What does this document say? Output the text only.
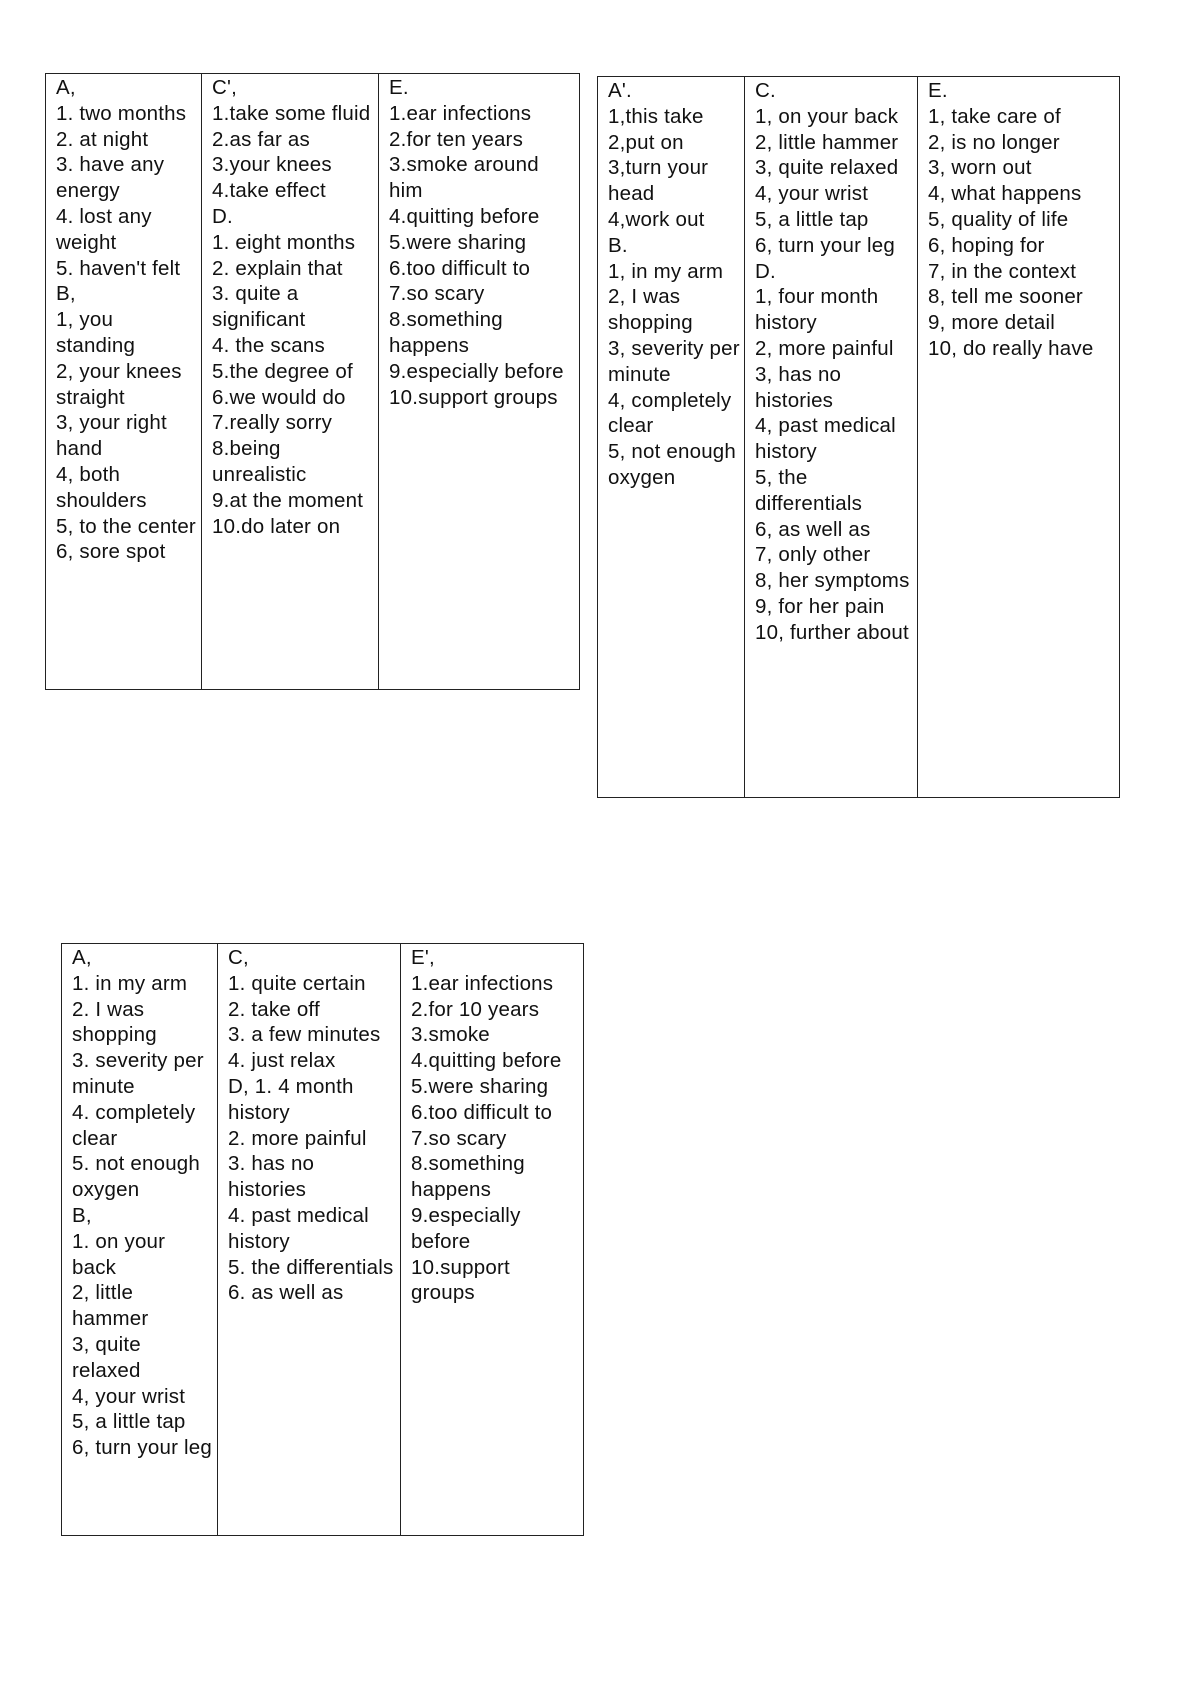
A,
1. two months
2. at night
3. have any energy
4. lost any weight
5. haven't felt
B,
1, you standing
2, your knees straight
3, your right hand
4, both shoulders
5, to the center
6, sore spot

C',
1.take some fluid
2.as far as
3.your knees
4.take effect
D.
1. eight months
2. explain that
3. quite a significant
4. the scans
5.the degree of
6.we would do
7.really sorry
8.being unrealistic
9.at the moment
10.do later on

E.
1.ear infections
2.for ten years
3.smoke around him
4.quitting before
5.were sharing
6.too difficult to
7.so scary
8.something happens
9.especially before
10.support groups
A'.
1,this take
2,put on
3,turn your head
4,work out
B.
1, in my arm
2, I was shopping
3, severity per minute
4, completely clear
5, not enough oxygen

C.
1, on your back
2, little hammer
3, quite relaxed
4, your wrist
5, a little tap
6, turn your leg
D.
1, four month history
2, more painful
3, has no histories
4, past medical history
5, the differentials
6, as well as
7, only other
8, her symptoms
9, for her pain
10, further about

E.
1, take care of
2, is no longer
3, worn out
4, what happens
5, quality of life
6, hoping for
7, in the context
8, tell me sooner
9, more detail
10, do really have
A,
1. in my arm
2. I was shopping
3. severity per minute
4. completely clear
5. not enough oxygen
B,
1. on your back
2, little hammer
3, quite relaxed
4, your wrist
5, a little tap
6, turn your leg

C,
1. quite certain
2. take off
3. a few minutes
4. just relax
D, 1. 4 month history
2. more painful
3. has no histories
4. past medical history
5. the differentials
6. as well as

E',
1.ear infections
2.for 10 years
3.smoke
4.quitting before
5.were sharing
6.too difficult to
7.so scary
8.something happens
9.especially before
10.support groups
